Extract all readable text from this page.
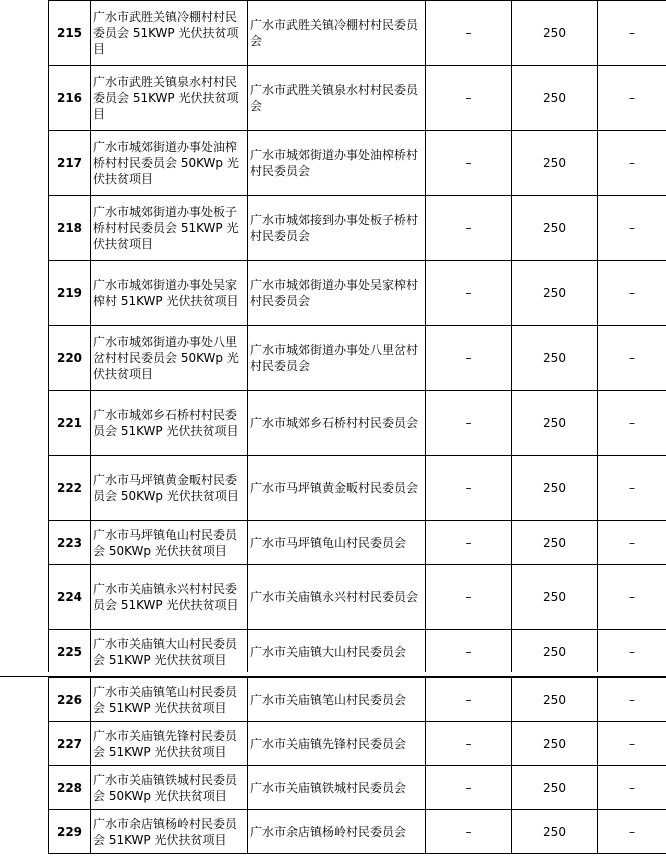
215	广水市武胜关镇冷棚村村民委员会 51KWP 光伏扶贫项目	广水市武胜关镇冷棚村村民委员会	–	250	–
216	广水市武胜关镇泉水村村民委员会 51KWP 光伏扶贫项目	广水市武胜关镇泉水村村民委员会	–	250	–
217	广水市城郊街道办事处油榨桥村村民委员会 50KWp 光伏扶贫项目	广水市城郊街道办事处油榨桥村村民委员会	–	250	–
218	广水市城郊街道办事处板子桥村村民委员会 51KWP 光伏扶贫项目	广水市城郊接到办事处板子桥村村民委员会	–	250	–
219	广水市城郊街道办事处吴家榨村 51KWP 光伏扶贫项目	广水市城郊街道办事处吴家榨村村民委员会	–	250	–
220	广水市城郊街道办事处八里岔村村民委员会 50KWp 光伏扶贫项目	广水市城郊街道办事处八里岔村村民委员会	–	250	–
221	广水市城郊乡石桥村村民委员会 51KWP 光伏扶贫项目	广水市城郊乡石桥村村民委员会	–	250	–
222	广水市马坪镇黄金畈村民委员会 50KWp 光伏扶贫项目	广水市马坪镇黄金畈村民委员会	–	250	–
223	广水市马坪镇龟山村民委员会 50KWp 光伏扶贫项目	广水市马坪镇龟山村民委员会	–	250	–
224	广水市关庙镇永兴村村民委员会 51KWP 光伏扶贫项目	广水市关庙镇永兴村村民委员会	–	250	–
225	广水市关庙镇大山村民委员会 51KWP 光伏扶贫项目	广水市关庙镇大山村民委员会	–	250	–
226	广水市关庙镇笔山村民委员会 51KWP 光伏扶贫项目	广水市关庙镇笔山村民委员会	–	250	–
227	广水市关庙镇先锋村民委员会 51KWP 光伏扶贫项目	广水市关庙镇先锋村民委员会	–	250	–
228	广水市关庙镇铁城村民委员会 50KWp 光伏扶贫项目	广水市关庙镇铁城村民委员会	–	250	–
229	广水市余店镇杨岭村民委员会 51KWP 光伏扶贫项目	广水市余店镇杨岭村民委员会	–	250	–
